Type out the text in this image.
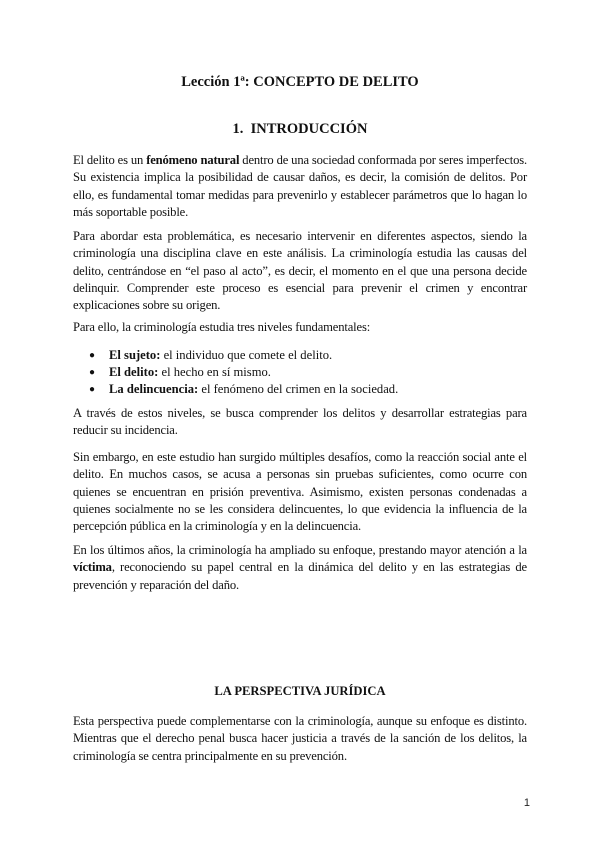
Lección 1ª: CONCEPTO DE DELITO
1. INTRODUCCIÓN

El delito es un fenómeno natural dentro de una sociedad conformada por seres imperfectos. Su existencia implica la posibilidad de causar daños, es decir, la comisión de delitos. Por ello, es fundamental tomar medidas para prevenirlo y establecer parámetros que lo hagan lo más soportable posible.

Para abordar esta problemática, es necesario intervenir en diferentes aspectos, siendo la criminología una disciplina clave en este análisis. La criminología estudia las causas del delito, centrándose en “el paso al acto”, es decir, el momento en el que una persona decide delinquir. Comprender este proceso es esencial para prevenir el crimen y encontrar explicaciones sobre su origen.

Para ello, la criminología estudia tres niveles fundamentales:

● El sujeto: el individuo que comete el delito.
● El delito: el hecho en sí mismo.
● La delincuencia: el fenómeno del crimen en la sociedad.

A través de estos niveles, se busca comprender los delitos y desarrollar estrategias para reducir su incidencia.

Sin embargo, en este estudio han surgido múltiples desafíos, como la reacción social ante el delito. En muchos casos, se acusa a personas sin pruebas suficientes, como ocurre con quienes se encuentran en prisión preventiva. Asimismo, existen personas condenadas a quienes socialmente no se les considera delincuentes, lo que evidencia la influencia de la percepción pública en la criminología y en la delincuencia.

En los últimos años, la criminología ha ampliado su enfoque, prestando mayor atención a la víctima, reconociendo su papel central en la dinámica del delito y en las estrategias de prevención y reparación del daño.

LA PERSPECTIVA JURÍDICA

Esta perspectiva puede complementarse con la criminología, aunque su enfoque es distinto. Mientras que el derecho penal busca hacer justicia a través de la sanción de los delitos, la criminología se centra principalmente en su prevención.

1
